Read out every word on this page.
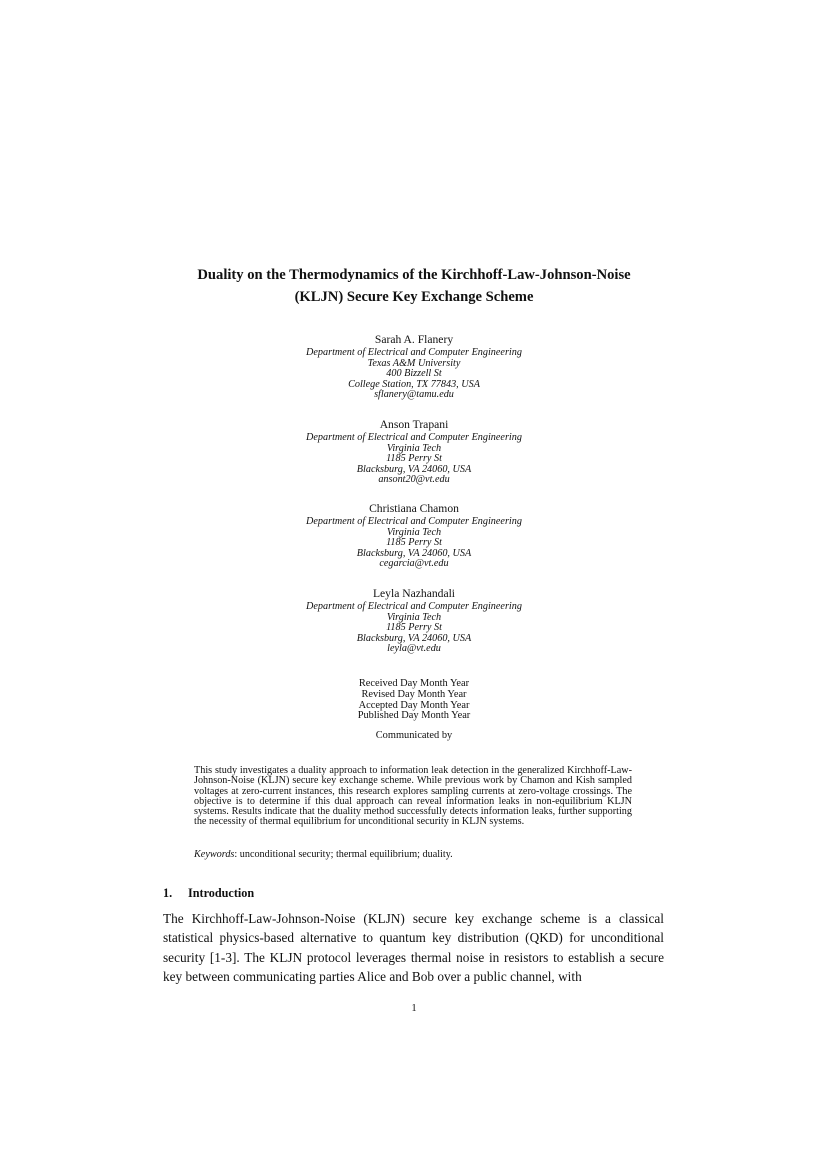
Duality on the Thermodynamics of the Kirchhoff-Law-Johnson-Noise
(KLJN) Secure Key Exchange Scheme
Sarah A. Flanery
Department of Electrical and Computer Engineering
Texas A&M University
400 Bizzell St
College Station, TX 77843, USA
sflanery@tamu.edu
Anson Trapani
Department of Electrical and Computer Engineering
Virginia Tech
1185 Perry St
Blacksburg, VA 24060, USA
ansont20@vt.edu
Christiana Chamon
Department of Electrical and Computer Engineering
Virginia Tech
1185 Perry St
Blacksburg, VA 24060, USA
cegarcia@vt.edu
Leyla Nazhandali
Department of Electrical and Computer Engineering
Virginia Tech
1185 Perry St
Blacksburg, VA 24060, USA
leyla@vt.edu
Received Day Month Year
Revised Day Month Year
Accepted Day Month Year
Published Day Month Year
Communicated by
This study investigates a duality approach to information leak detection in the generalized Kirchhoff-Law-Johnson-Noise (KLJN) secure key exchange scheme. While previous work by Chamon and Kish sampled voltages at zero-current instances, this research explores sampling currents at zero-voltage crossings. The objective is to determine if this dual approach can reveal information leaks in non-equilibrium KLJN systems. Results indicate that the duality method successfully detects information leaks, further supporting the necessity of thermal equilibrium for unconditional security in KLJN systems.
Keywords: unconditional security; thermal equilibrium; duality.
1. Introduction
The Kirchhoff-Law-Johnson-Noise (KLJN) secure key exchange scheme is a classical statistical physics-based alternative to quantum key distribution (QKD) for unconditional security [1-3]. The KLJN protocol leverages thermal noise in resistors to establish a secure key between communicating parties Alice and Bob over a public channel, with
1
